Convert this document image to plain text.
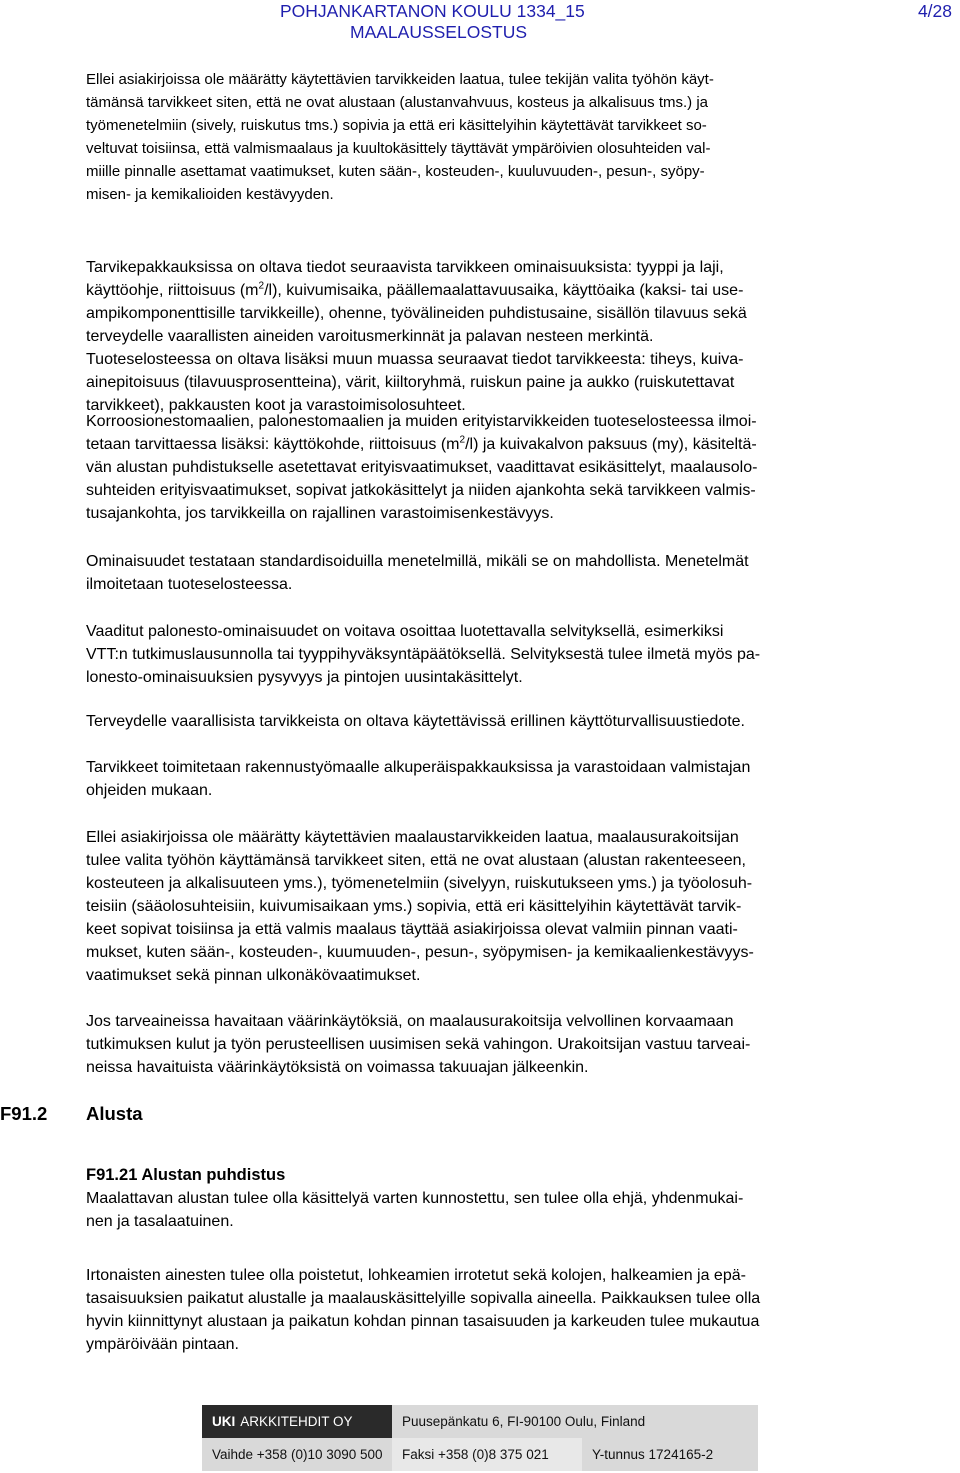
POHJANKARTANON KOULU 1334_15
MAALAUSSELOSTUS
4/28

Ellei asiakirjoissa ole määrätty käytettävien tarvikkeiden laatua, tulee tekijän valita työhön käyt-

tämänsä tarvikkeet siten, että ne ovat alustaan (alustanvahvuus, kosteus ja alkalisuus tms.) ja

työmenetelmiin (sively, ruiskutus tms.) sopivia ja että eri käsittelyihin käytettävät tarvikkeet so-

veltuvat toisiinsa, että valmismaalaus ja kuultokäsittely täyttävät ympäröivien olosuhteiden val-

miille pinnalle asettamat vaatimukset, kuten sään-, kosteuden-, kuuluvuuden-, pesun-, syöpy-

misen- ja kemikalioiden kestävyyden.

Tarvikepakkauksissa on oltava tiedot seuraavista tarvikkeen ominaisuuksista: tyyppi ja laji,

käyttöohje, riittoisuus $(m^2/l)$, kuivumisaika, päällemaalattavuusaika, käyttöaika (kaksi- tai use-

ampikomponenttisille tarvikkeille), ohenne, työvälineiden puhdistusaine, sisällön tilavuus sekä

terveydelle vaarallisten aineiden varoitusmerkinnät ja palavan nesteen merkintä.

Tuoteselosteessa on oltava lisäksi muun muassa seuraavat tiedot tarvikkeesta: tiheys, kuiva-

ainepitoisuus (tilavuusprosentteina), värit, kiiltoryhmä, ruiskun paine ja aukko (ruiskutettavat

tarvikkeet), pakkausten koot ja varastoimisolosuhteet.

Korroosionestomaalien, palonestomaalien ja muiden erityistarvikkeiden tuoteselosteessa ilmoi-

tetaan tarvittaessa lisäksi: käyttökohde, riittoisuus $(m^2/l)$ ja kuivakalvon paksuus (my), käsiteltä-

vän alustan puhdistukselle asetettavat erityisvaatimukset, vaadittavat esikäsittelyt, maalausolo-

suhteiden erityisvaatimukset, sopivat jatkokäsittelyt ja niiden ajankohta sekä tarvikkeen valmis-

tusajankohta, jos tarvikkeilla on rajallinen varastoimisenkestävyys.

Ominaisuudet testataan standardisoiduilla menetelmillä, mikäli se on mahdollista. Menetelmät

ilmoitetaan tuoteselosteessa.

Vaaditut palonesto-ominaisuudet on voitava osoittaa luotettavalla selvityksellä, esimerkiksi

VTT:n tutkimuslausunnolla tai tyyppihyväksyntäpäätöksellä. Selvityksestä tulee ilmetä myös pa-

lonesto-ominaisuuksien pysyvyys ja pintojen uusintakäsittelyt.

Terveydelle vaarallisista tarvikkeista on oltava käytettävissä erillinen käyttöturvallisuustiedote.

Tarvikkeet toimitetaan rakennustyömaalle alkuperäispakkauksissa ja varastoidaan valmistajan

ohjeiden mukaan.

Ellei asiakirjoissa ole määrätty käytettävien maalaustarvikkeiden laatua, maalausurakoitsijan

tulee valita työhön käyttämänsä tarvikkeet siten, että ne ovat alustaan (alustan rakenteeseen,

kosteuteen ja alkalisuuteen yms.), työmenetelmiin (sivelyyn, ruiskutukseen yms.) ja työolosuh-

teisiin (sääolosuhteisiin, kuivumisaikaan yms.) sopivia, että eri käsittelyihin käytettävät tarvik-

keet sopivat toisiinsa ja että valmis maalaus täyttää asiakirjoissa olevat valmiin pinnan vaati-

mukset, kuten sään-, kosteuden-, kuumuuden-, pesun-, syöpymisen- ja kemikaalienkestävyys-

vaatimukset sekä pinnan ulkonäkövaatimukset.

Jos tarveaineissa havaitaan väärinkäytöksiä, on maalausurakoitsija velvollinen korvaamaan

tutkimuksen kulut ja työn perusteellisen uusimisen sekä vahingon. Urakoitsijan vastuu tarveai-

neissa havaituista väärinkäytöksistä on voimassa takuuajan jälkeenkin.

F91.2 Alusta

F91.21 Alustan puhdistus

Maalattavan alustan tulee olla käsittelyä varten kunnostettu, sen tulee olla ehjä, yhdenmukai-

nen ja tasalaatuinen.

Irtonaisten ainesten tulee olla poistetut, lohkeamien irrotetut sekä kolojen, halkeamien ja epä-

tasaisuuksien paikatut alustalle ja maalauskäsittelyille sopivalla aineella. Paikkauksen tulee olla

hyvin kiinnittynyt alustaan ja paikatun kohdan pinnan tasaisuuden ja karkeuden tulee mukautua

ympäröivään pintaan.

UKI ARKKITEHDIT OY	Puusepänkatu 6, FI-90100 Oulu, Finland
Vaihde +358 (0)10 3090 500	Faksi +358 (0)8 375 021	Y-tunnus 1724165-2
